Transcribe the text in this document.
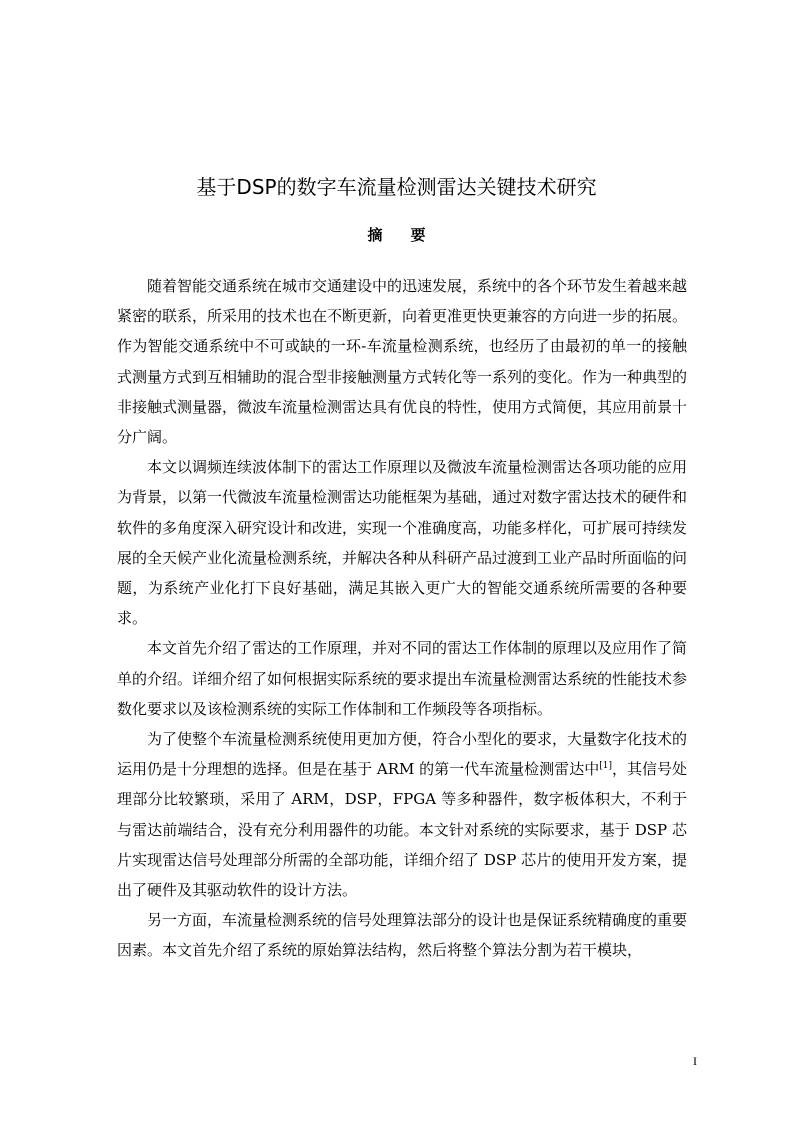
基于DSP的数字车流量检测雷达关键技术研究
摘要

随着智能交通系统在城市交通建设中的迅速发展，系统中的各个环节发生着越来越紧密的联系，所采用的技术也在不断更新，向着更准更快更兼容的方向进一步的拓展。作为智能交通系统中不可或缺的一环-车流量检测系统，也经历了由最初的单一的接触式测量方式到互相辅助的混合型非接触测量方式转化等一系列的变化。作为一种典型的非接触式测量器，微波车流量检测雷达具有优良的特性，使用方式简便，其应用前景十分广阔。

本文以调频连续波体制下的雷达工作原理以及微波车流量检测雷达各项功能的应用为背景，以第一代微波车流量检测雷达功能框架为基础，通过对数字雷达技术的硬件和软件的多角度深入研究设计和改进，实现一个准确度高，功能多样化，可扩展可持续发展的全天候产业化流量检测系统，并解决各种从科研产品过渡到工业产品时所面临的问题，为系统产业化打下良好基础，满足其嵌入更广大的智能交通系统所需要的各种要求。

本文首先介绍了雷达的工作原理，并对不同的雷达工作体制的原理以及应用作了简单的介绍。详细介绍了如何根据实际系统的要求提出车流量检测雷达系统的性能技术参数化要求以及该检测系统的实际工作体制和工作频段等各项指标。

为了使整个车流量检测系统使用更加方便，符合小型化的要求，大量数字化技术的运用仍是十分理想的选择。但是在基于 ARM 的第一代车流量检测雷达中[1]，其信号处理部分比较繁琐，采用了 ARM，DSP，FPGA 等多种器件，数字板体积大，不利于与雷达前端结合，没有充分利用器件的功能。本文针对系统的实际要求，基于 DSP 芯片实现雷达信号处理部分所需的全部功能，详细介绍了 DSP 芯片的使用开发方案，提出了硬件及其驱动软件的设计方法。

另一方面，车流量检测系统的信号处理算法部分的设计也是保证系统精确度的重要因素。本文首先介绍了系统的原始算法结构，然后将整个算法分割为若干模块，

I
